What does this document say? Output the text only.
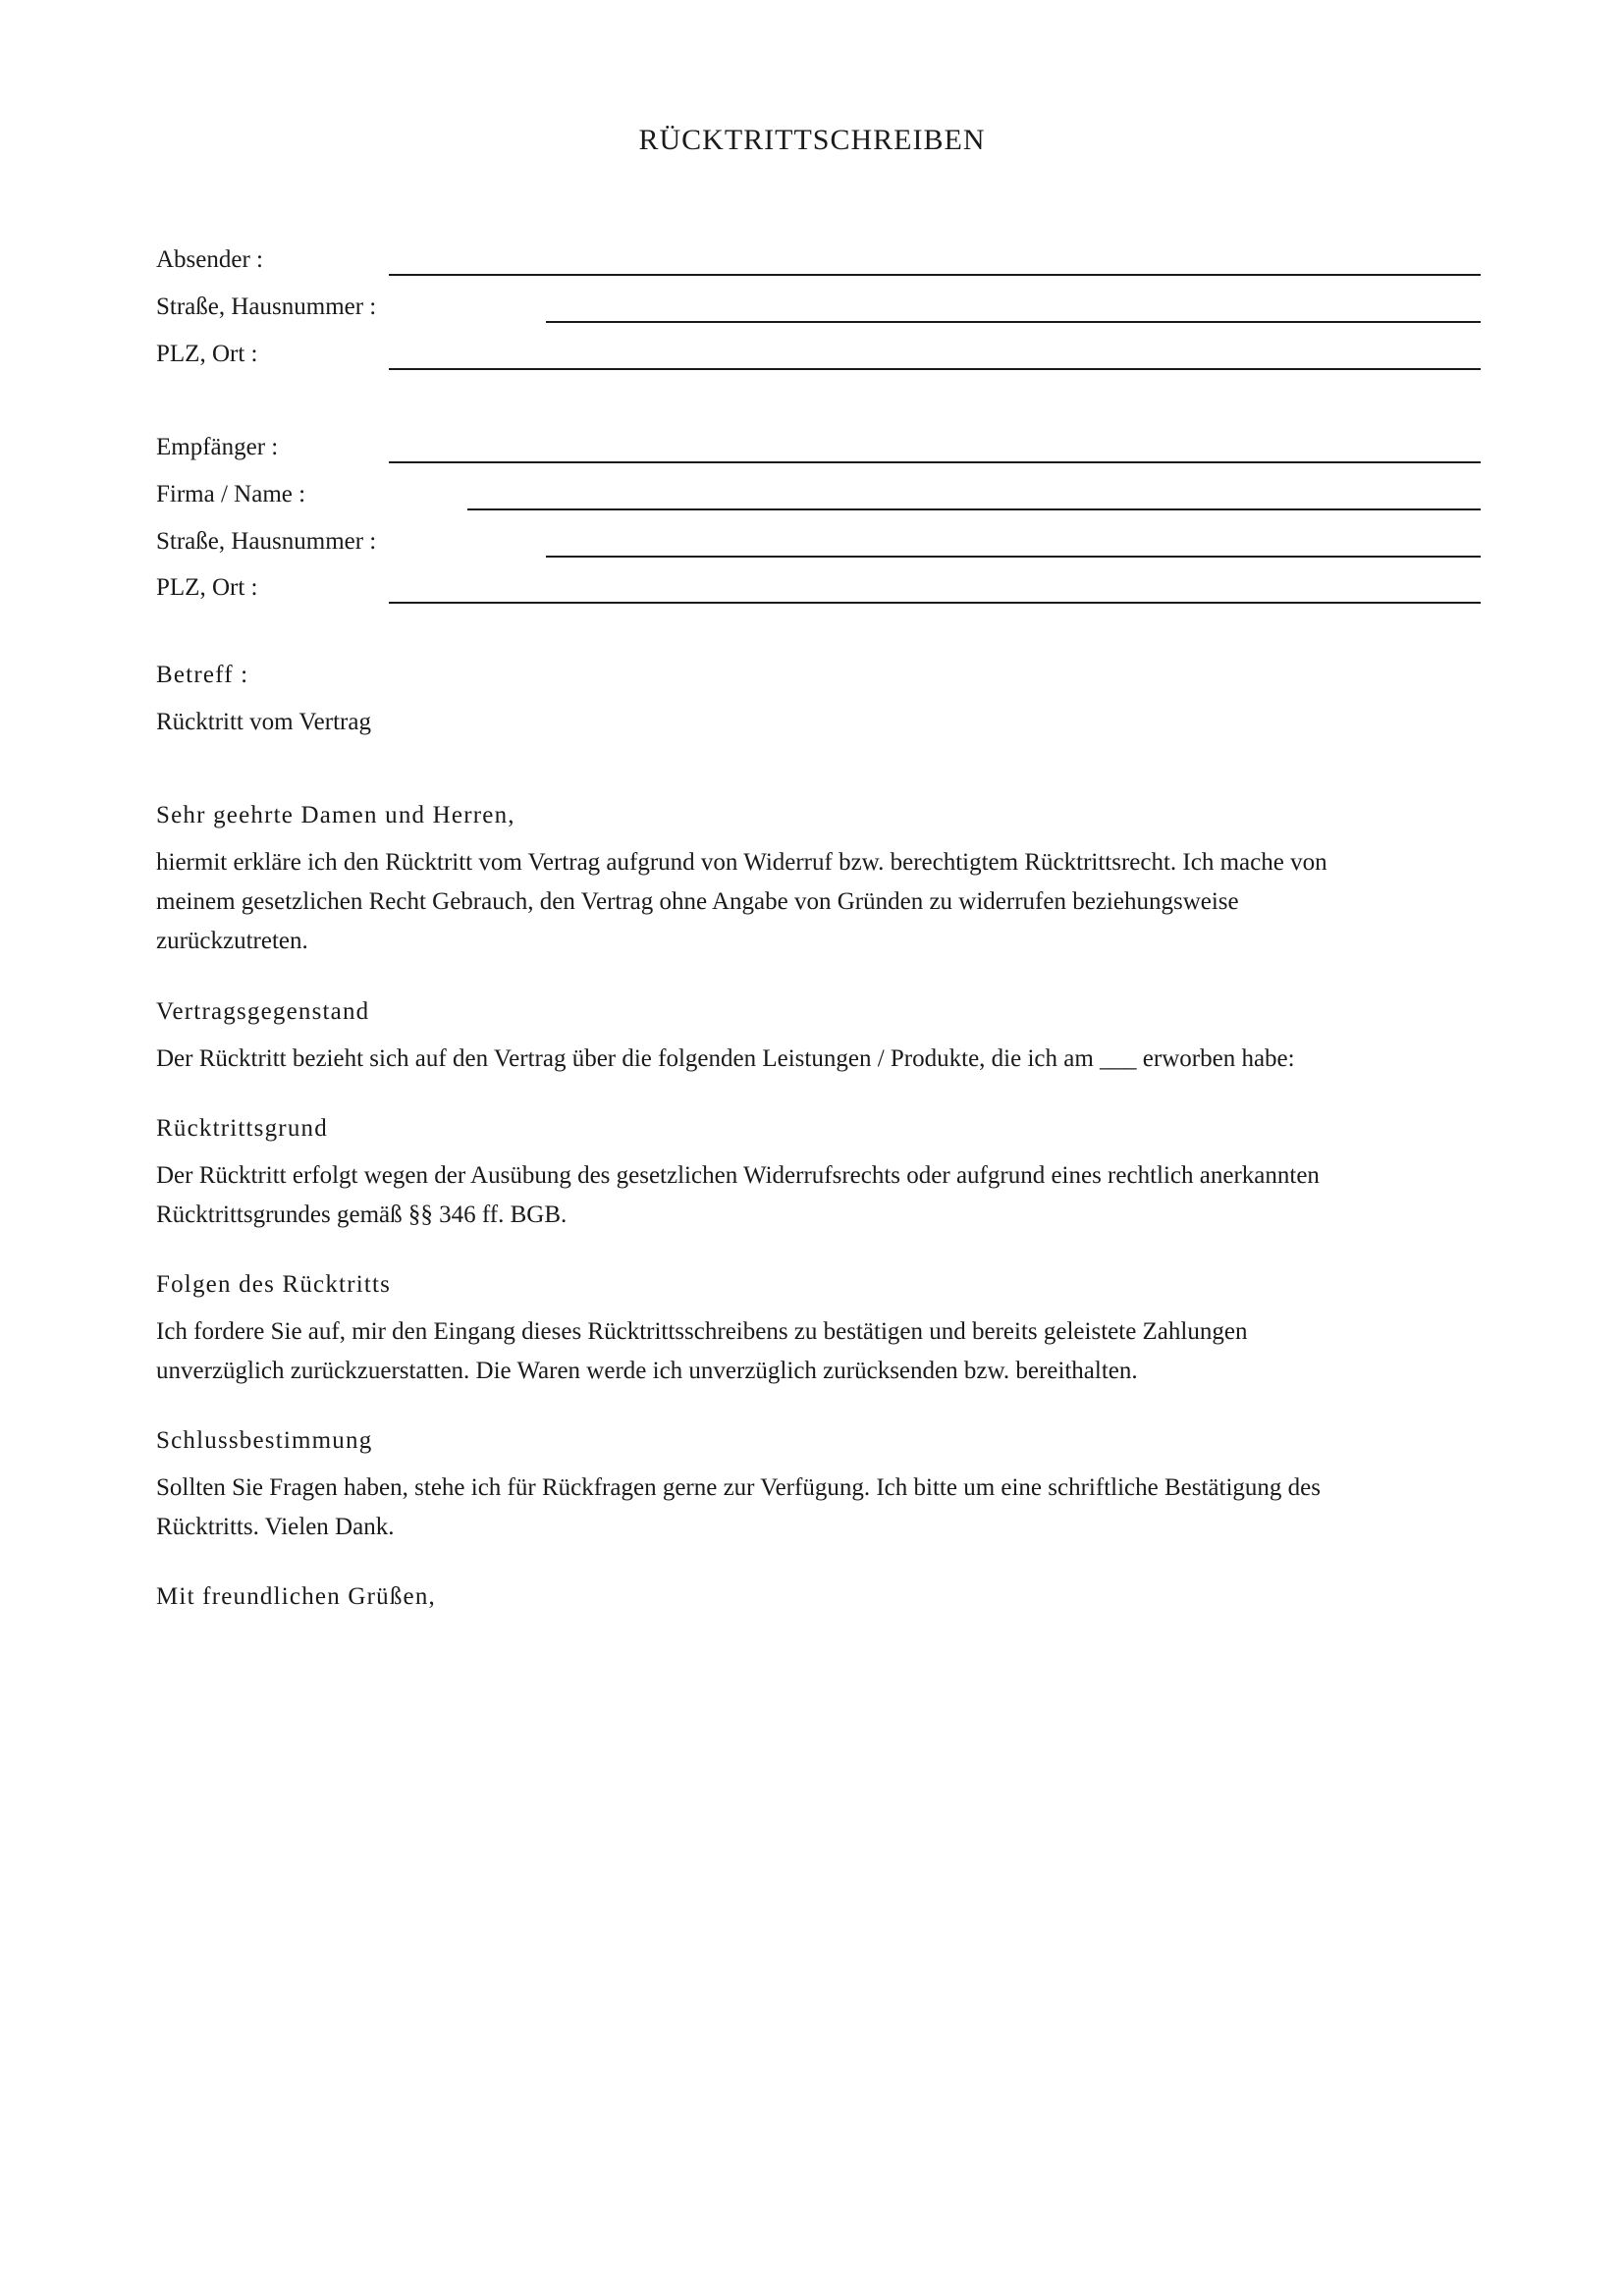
RÜCKTRITTSCHREIBEN
Absender :
Straße, Hausnummer :
PLZ, Ort :
Empfänger :
Firma / Name :
Straße, Hausnummer :
PLZ, Ort :
Betreff :
Rücktritt vom Vertrag
Sehr geehrte Damen und Herren,
hiermit erkläre ich den Rücktritt vom Vertrag aufgrund von Widerruf bzw. berechtigtem Rücktrittsrecht. Ich mache von
meinem gesetzlichen Recht Gebrauch, den Vertrag ohne Angabe von Gründen zu widerrufen beziehungsweise
zurückzutreten.
Vertragsgegenstand
Der Rücktritt bezieht sich auf den Vertrag über die folgenden Leistungen / Produkte, die ich am ___ erworben habe:
Rücktrittsgrund
Der Rücktritt erfolgt wegen der Ausübung des gesetzlichen Widerrufsrechts oder aufgrund eines rechtlich anerkannten
Rücktrittsgrundes gemäß §§ 346 ff. BGB.
Folgen des Rücktritts
Ich fordere Sie auf, mir den Eingang dieses Rücktrittsschreibens zu bestätigen und bereits geleistete Zahlungen
unverzüglich zurückzuerstatten. Die Waren werde ich unverzüglich zurücksenden bzw. bereithalten.
Schlussbestimmung
Sollten Sie Fragen haben, stehe ich für Rückfragen gerne zur Verfügung. Ich bitte um eine schriftliche Bestätigung des
Rücktritts. Vielen Dank.
Mit freundlichen Grüßen,
